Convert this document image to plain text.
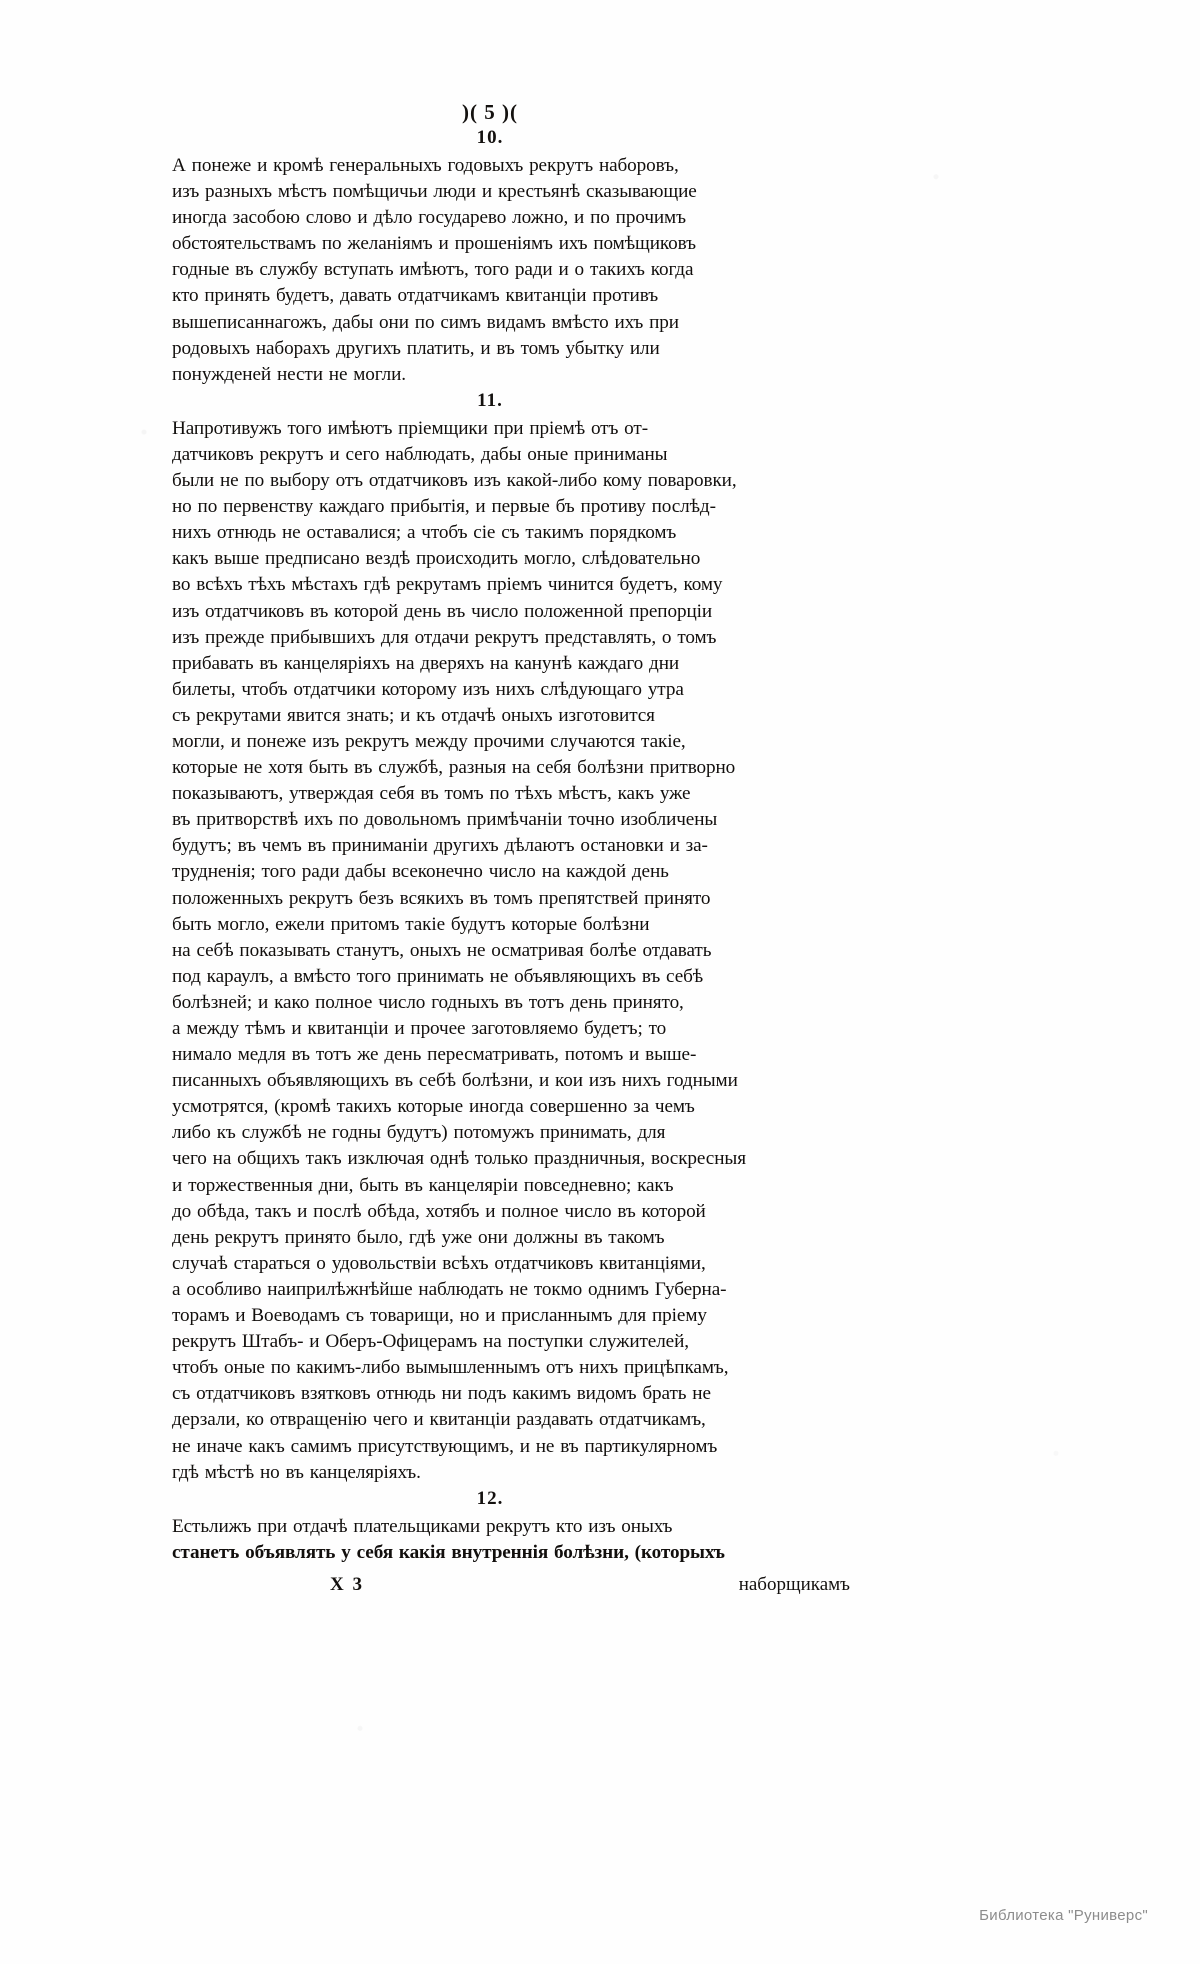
)( 5 )(
10.
А понеже и кромѣ генеральныхъ годовыхъ рекрутъ наборовъ,
изъ разныхъ мѣстъ помѣщичьи люди и крестьянѣ сказывающие
иногда засобою слово и дѣло государево ложно, и по прочимъ
обстоятельствамъ по желаніямъ и прошеніямъ ихъ помѣщиковъ
годные въ службу вступать имѣютъ, того ради и о такихъ когда
кто принять будетъ, давать отдатчикамъ квитанціи противъ
вышеписаннагожъ, дабы они по симъ видамъ вмѣсто ихъ при
родовыхъ наборахъ другихъ платить, и въ томъ убытку или
понужденей нести не могли.
11.
Напротивужъ того имѣютъ пріемщики при пріемѣ отъ от-
датчиковъ рекрутъ и сего наблюдать, дабы оные приниманы
были не по выбору отъ отдатчиковъ изъ какой-либо кому поваровки,
но по первенству каждаго прибытія, и первые бъ противу послѣд-
нихъ отнюдь не оставалися; а чтобъ сіе съ такимъ порядкомъ
какъ выше предписано вездѣ происходить могло, слѣдовательно
во всѣхъ тѣхъ мѣстахъ гдѣ рекрутамъ пріемъ чинится будетъ, кому
изъ отдатчиковъ въ которой день въ число положенной препорціи
изъ прежде прибывшихъ для отдачи рекрутъ представлять, о томъ
прибавать въ канцеляріяхъ на дверяхъ на канунѣ каждаго дни
билеты, чтобъ отдатчики которому изъ нихъ слѣдующаго утра
съ рекрутами явится знать; и къ отдачѣ оныхъ изготовится
могли, и понеже изъ рекрутъ между прочими случаются такіе,
которые не хотя быть въ службѣ, разныя на себя болѣзни притворно
показываютъ, утверждая себя въ томъ по тѣхъ мѣстъ, какъ уже
въ притворствѣ ихъ по довольномъ примѣчаніи точно изобличены
будутъ; въ чемъ въ приниманіи другихъ дѣлаютъ остановки и за-
трудненія; того ради дабы всеконечно число на каждой день
положенныхъ рекрутъ безъ всякихъ въ томъ препятствей принято
быть могло, ежели притомъ такіе будутъ которые болѣзни
на себѣ показывать станутъ, оныхъ не осматривая болѣе отдавать
под караулъ, а вмѣсто того принимать не объявляющихъ въ себѣ
болѣзней; и како полное число годныхъ въ тотъ день принято,
а между тѣмъ и квитанціи и прочее заготовляемо будетъ; то
нимало медля въ тотъ же день пересматривать, потомъ и выше-
писанныхъ объявляющихъ въ себѣ болѣзни, и кои изъ нихъ годными
усмотрятся, (кромѣ такихъ которые иногда совершенно за чемъ
либо къ службѣ не годны будутъ) потомужъ принимать, для
чего на общихъ такъ изключая однѣ только праздничныя, воскресныя
и торжественныя дни, быть въ канцеляріи повседневно; какъ
до обѣда, такъ и послѣ обѣда, хотябъ и полное число въ которой
день рекрутъ принято было, гдѣ уже они должны въ такомъ
случаѣ стараться о удовольствіи всѣхъ отдатчиковъ квитанціями,
а особливо наиприлѣжнѣйше наблюдать не токмо однимъ Губерна-
торамъ и Воеводамъ съ товарищи, но и присланнымъ для пріему
рекрутъ Штабъ- и Оберъ-Офицерамъ на поступки служителей,
чтобъ оные по какимъ-либо вымышленнымъ отъ нихъ прицѣпкамъ,
съ отдатчиковъ взятковъ отнюдь ни подъ какимъ видомъ брать не
дерзали, ко отвращенію чего и квитанціи раздавать отдатчикамъ,
не иначе какъ самимъ присутствующимъ, и не въ партикулярномъ
гдѣ мѣстѣ но въ канцеляріяхъ.
12.
Естьлижъ при отдачѣ плательщиками рекрутъ кто изъ оныхъ
станетъ объявлять у себя какія внутреннія болѣзни, (которыхъ
X 3	наборщикамъ
Библиотека "Руниверс"
